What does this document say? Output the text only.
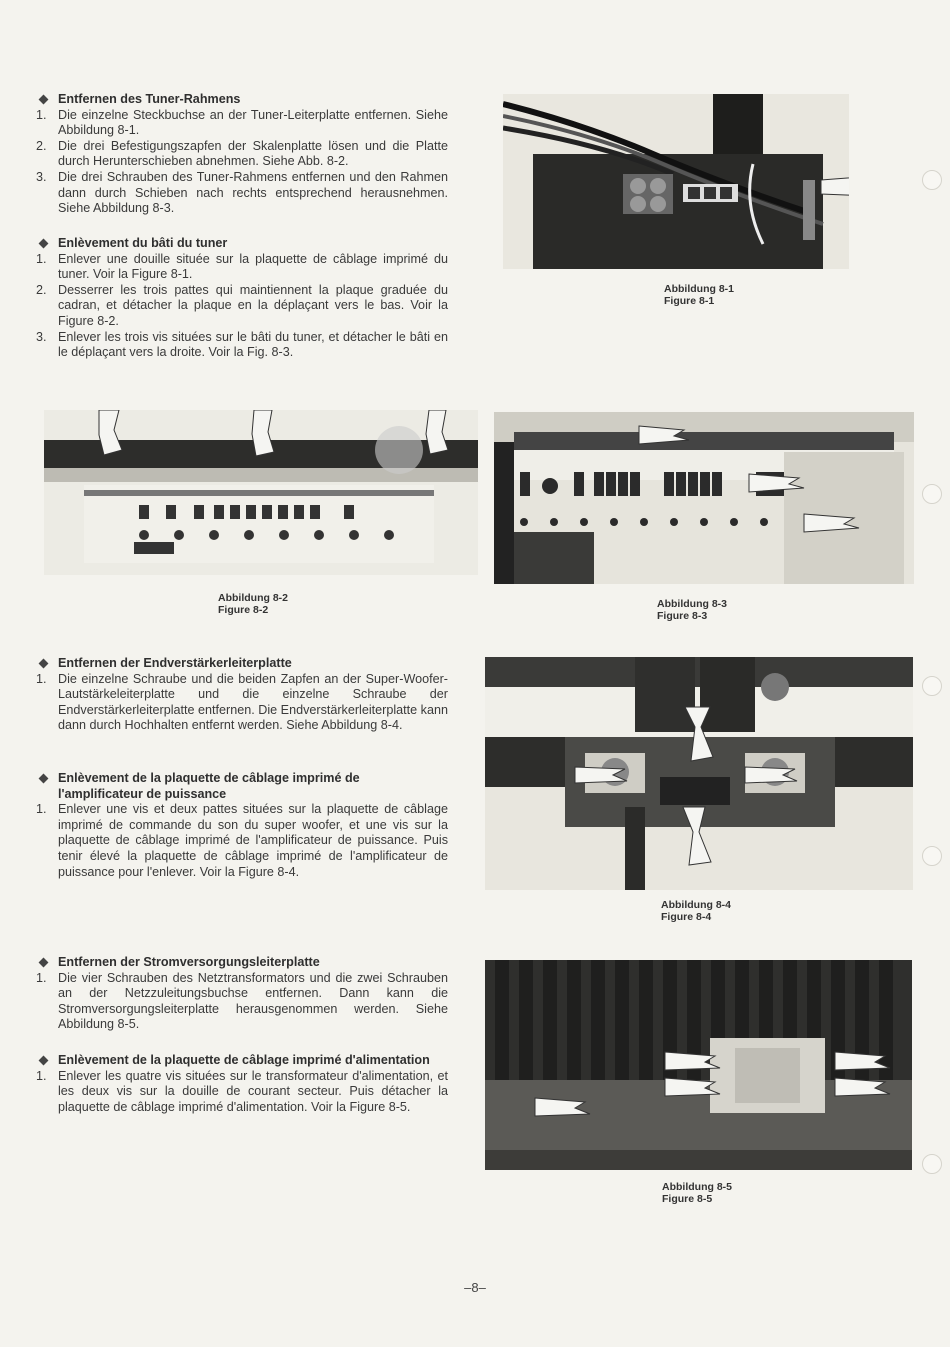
Entfernen des Tuner-Rahmens
1. Die einzelne Steckbuchse an der Tuner-Leiterplatte entfernen. Siehe Abbildung 8-1.
2. Die drei Befestigungszapfen der Skalenplatte lösen und die Platte durch Herunterschieben abnehmen. Siehe Abb. 8-2.
3. Die drei Schrauben des Tuner-Rahmens entfernen und den Rahmen dann durch Schieben nach rechts entsprechend herausnehmen. Siehe Abbildung 8-3.
Enlèvement du bâti du tuner
1. Enlever une douille située sur la plaquette de câblage imprimé du tuner. Voir la Figure 8-1.
2. Desserrer les trois pattes qui maintiennent la plaque graduée du cadran, et détacher la plaque en la déplaçant vers le bas. Voir la Figure 8-2.
3. Enlever les trois vis situées sur le bâti du tuner, et détacher le bâti en le déplaçant vers la droite. Voir la Fig. 8-3.
Abbildung 8-1
Figure 8-1
Abbildung 8-2
Figure 8-2	Abbildung 8-3
Figure 8-3
Entfernen der Endverstärkerleiterplatte
1. Die einzelne Schraube und die beiden Zapfen an der Super-Woofer-Lautstärkeleiterplatte und die einzelne Schraube der Endverstärkerleiterplatte entfernen. Die Endverstärkerleiterplatte kann dann durch Hochhalten entfernt werden. Siehe Abbildung 8-4.
Enlèvement de la plaquette de câblage imprimé de l'amplificateur de puissance
1. Enlever une vis et deux pattes situées sur la plaquette de câblage imprimé de commande du son du super woofer, et une vis sur la plaquette de câblage imprimé de l'amplificateur de puissance. Puis tenir élevé la plaquette de câblage imprimé de l'amplificateur de puissance pour l'enlever. Voir la Figure 8-4.
Abbildung 8-4
Figure 8-4
Entfernen der Stromversorgungsleiterplatte
1. Die vier Schrauben des Netztransformators und die zwei Schrauben an der Netzzuleitungsbuchse entfernen. Dann kann die Stromversorgungsleiterplatte herausgenommen werden. Siehe Abbildung 8-5.
Enlèvement de la plaquette de câblage imprimé d'alimentation
1. Enlever les quatre vis situées sur le transformateur d'alimentation, et les deux vis sur la douille de courant secteur. Puis détacher la plaquette de câblage imprimé d'alimentation. Voir la Figure 8-5.
Abbildung 8-5
Figure 8-5
–8–
